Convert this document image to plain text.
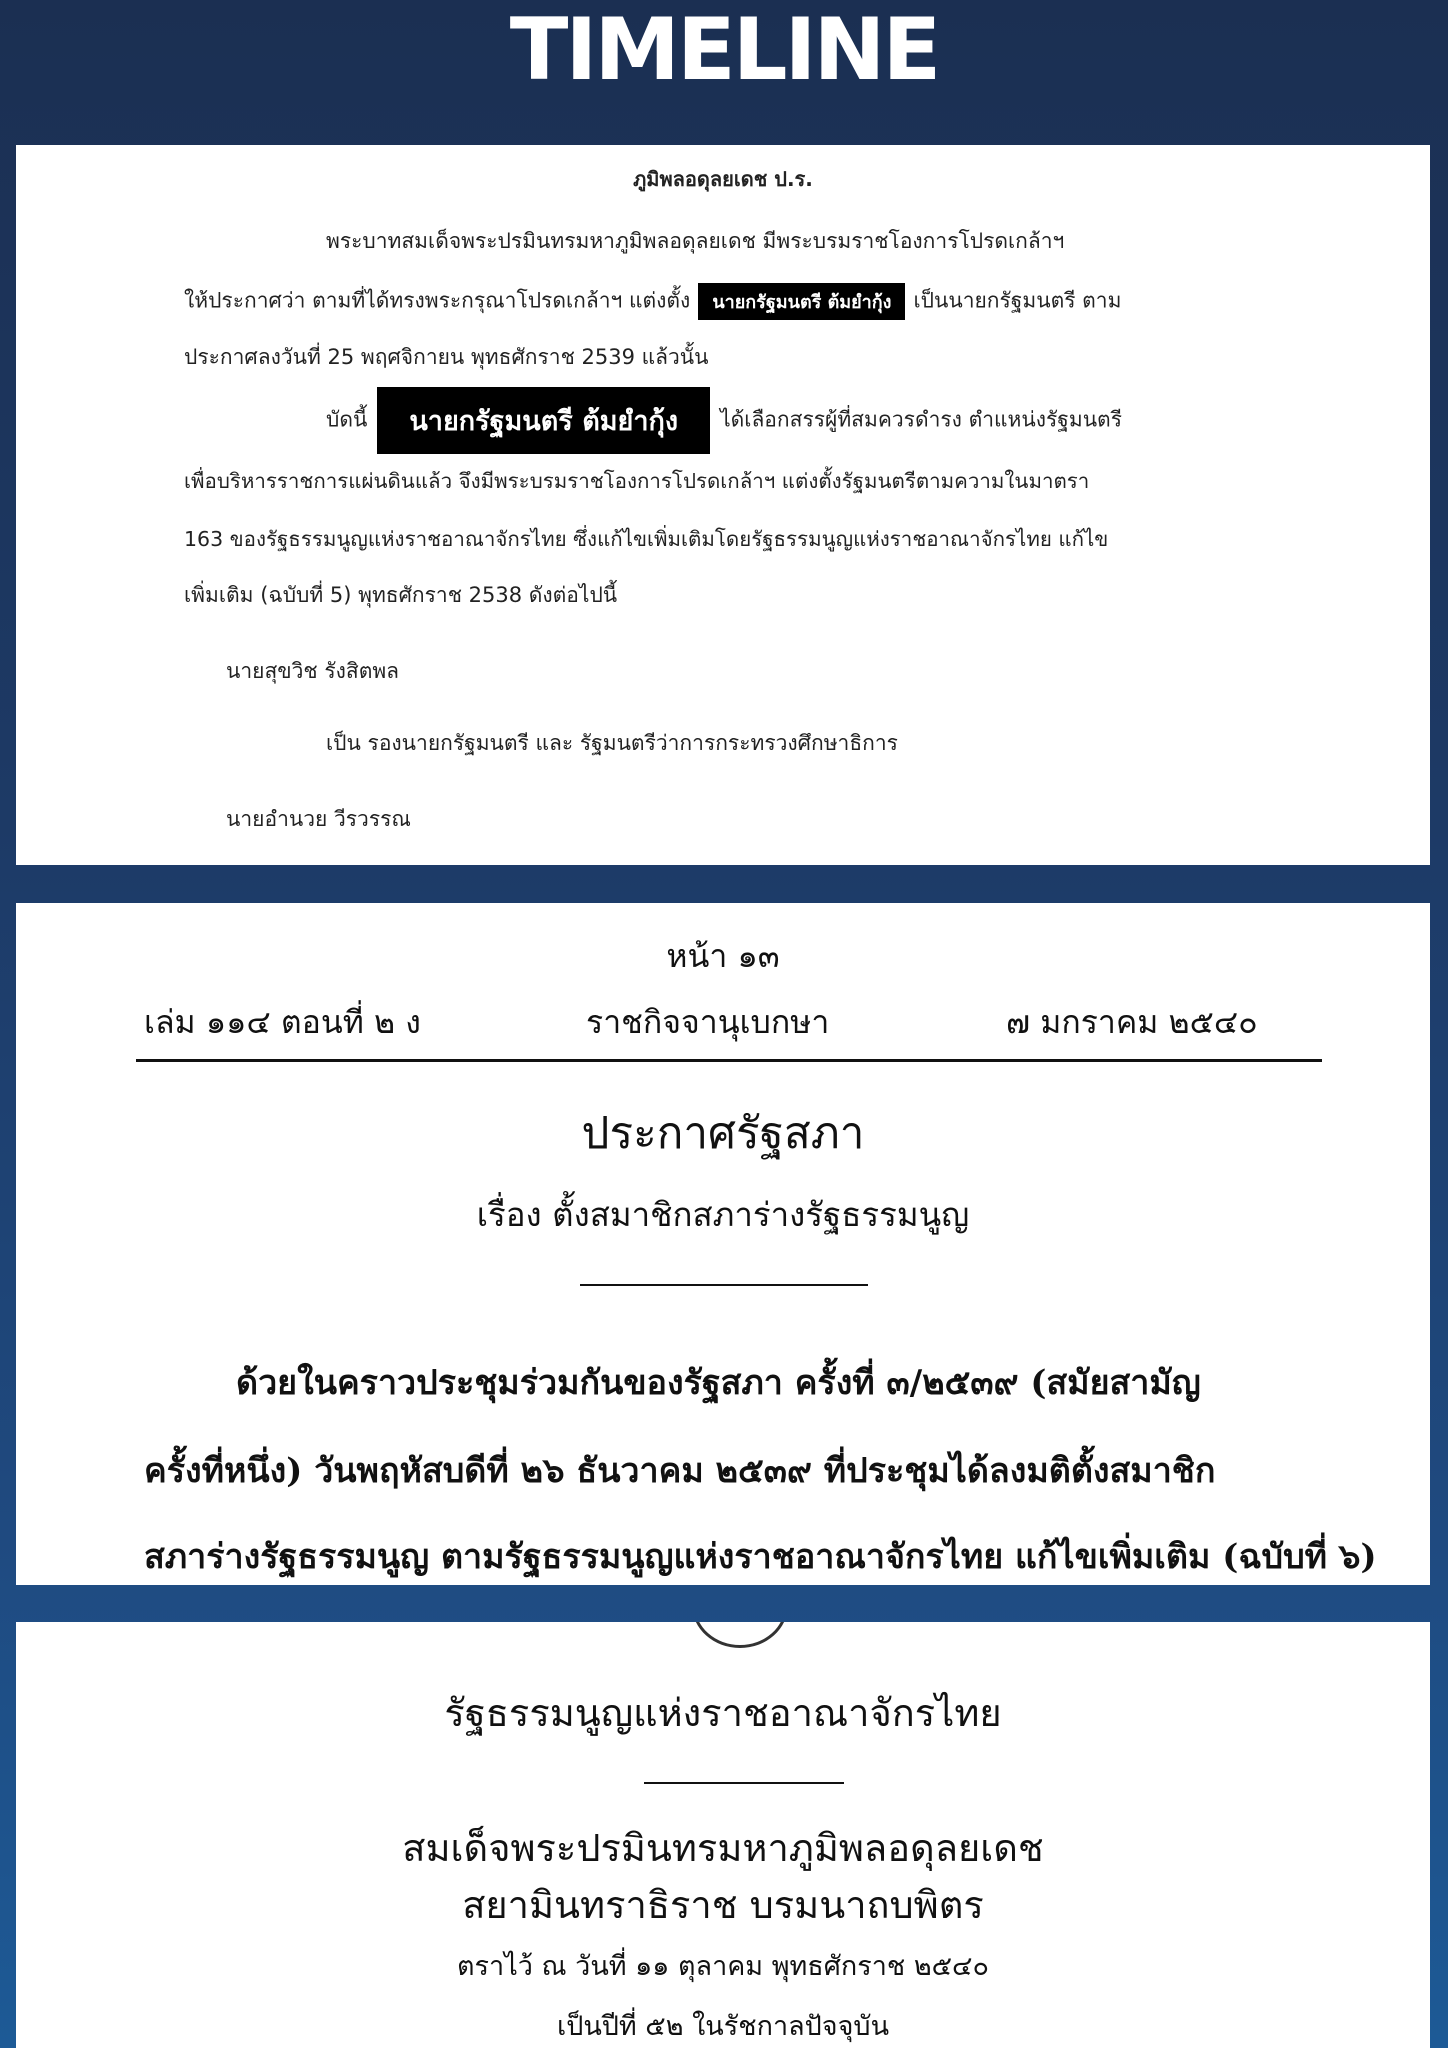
TIMELINE
ภูมิพลอดุลยเดช ป.ร.
พระบาทสมเด็จพระปรมินทรมหาภูมิพลอดุลยเดช มีพระบรมราชโองการโปรดเกล้าฯ
ให้ประกาศว่า ตามที่ได้ทรงพระกรุณาโปรดเกล้าฯ แต่งตั้ง นายกรัฐมนตรี ต้มยำกุ้ง เป็นนายกรัฐมนตรี ตาม
ประกาศลงวันที่ 25 พฤศจิกายน พุทธศักราช 2539 แล้วนั้น
บัดนี้ นายกรัฐมนตรี ต้มยำกุ้ง ได้เลือกสรรผู้ที่สมควรดำรง ตำแหน่งรัฐมนตรี
เพื่อบริหารราชการแผ่นดินแล้ว จึงมีพระบรมราชโองการโปรดเกล้าฯ แต่งตั้งรัฐมนตรีตามความในมาตรา
163 ของรัฐธรรมนูญแห่งราชอาณาจักรไทย ซึ่งแก้ไขเพิ่มเติมโดยรัฐธรรมนูญแห่งราชอาณาจักรไทย แก้ไข
เพิ่มเติม (ฉบับที่ 5) พุทธศักราช 2538 ดังต่อไปนี้
นายสุขวิช รังสิตพล
เป็น รองนายกรัฐมนตรี และ รัฐมนตรีว่าการกระทรวงศึกษาธิการ
นายอำนวย วีรวรรณ
หน้า ๑๓
เล่ม ๑๑๔ ตอนที่ ๒ ง	ราชกิจจานุเบกษา	๗ มกราคม ๒๕๔๐
ประกาศรัฐสภา
เรื่อง ตั้งสมาชิกสภาร่างรัฐธรรมนูญ
ด้วยในคราวประชุมร่วมกันของรัฐสภา ครั้งที่ ๓/๒๕๓๙ (สมัยสามัญ
ครั้งที่หนึ่ง) วันพฤหัสบดีที่ ๒๖ ธันวาคม ๒๕๓๙ ที่ประชุมได้ลงมติตั้งสมาชิก
สภาร่างรัฐธรรมนูญ ตามรัฐธรรมนูญแห่งราชอาณาจักรไทย แก้ไขเพิ่มเติม (ฉบับที่ ๖)
รัฐธรรมนูญแห่งราชอาณาจักรไทย
สมเด็จพระปรมินทรมหาภูมิพลอดุลยเดช
สยามินทราธิราช บรมนาถบพิตร
ตราไว้ ณ วันที่ ๑๑ ตุลาคม พุทธศักราช ๒๕๔๐
เป็นปีที่ ๕๒ ในรัชกาลปัจจุบัน
